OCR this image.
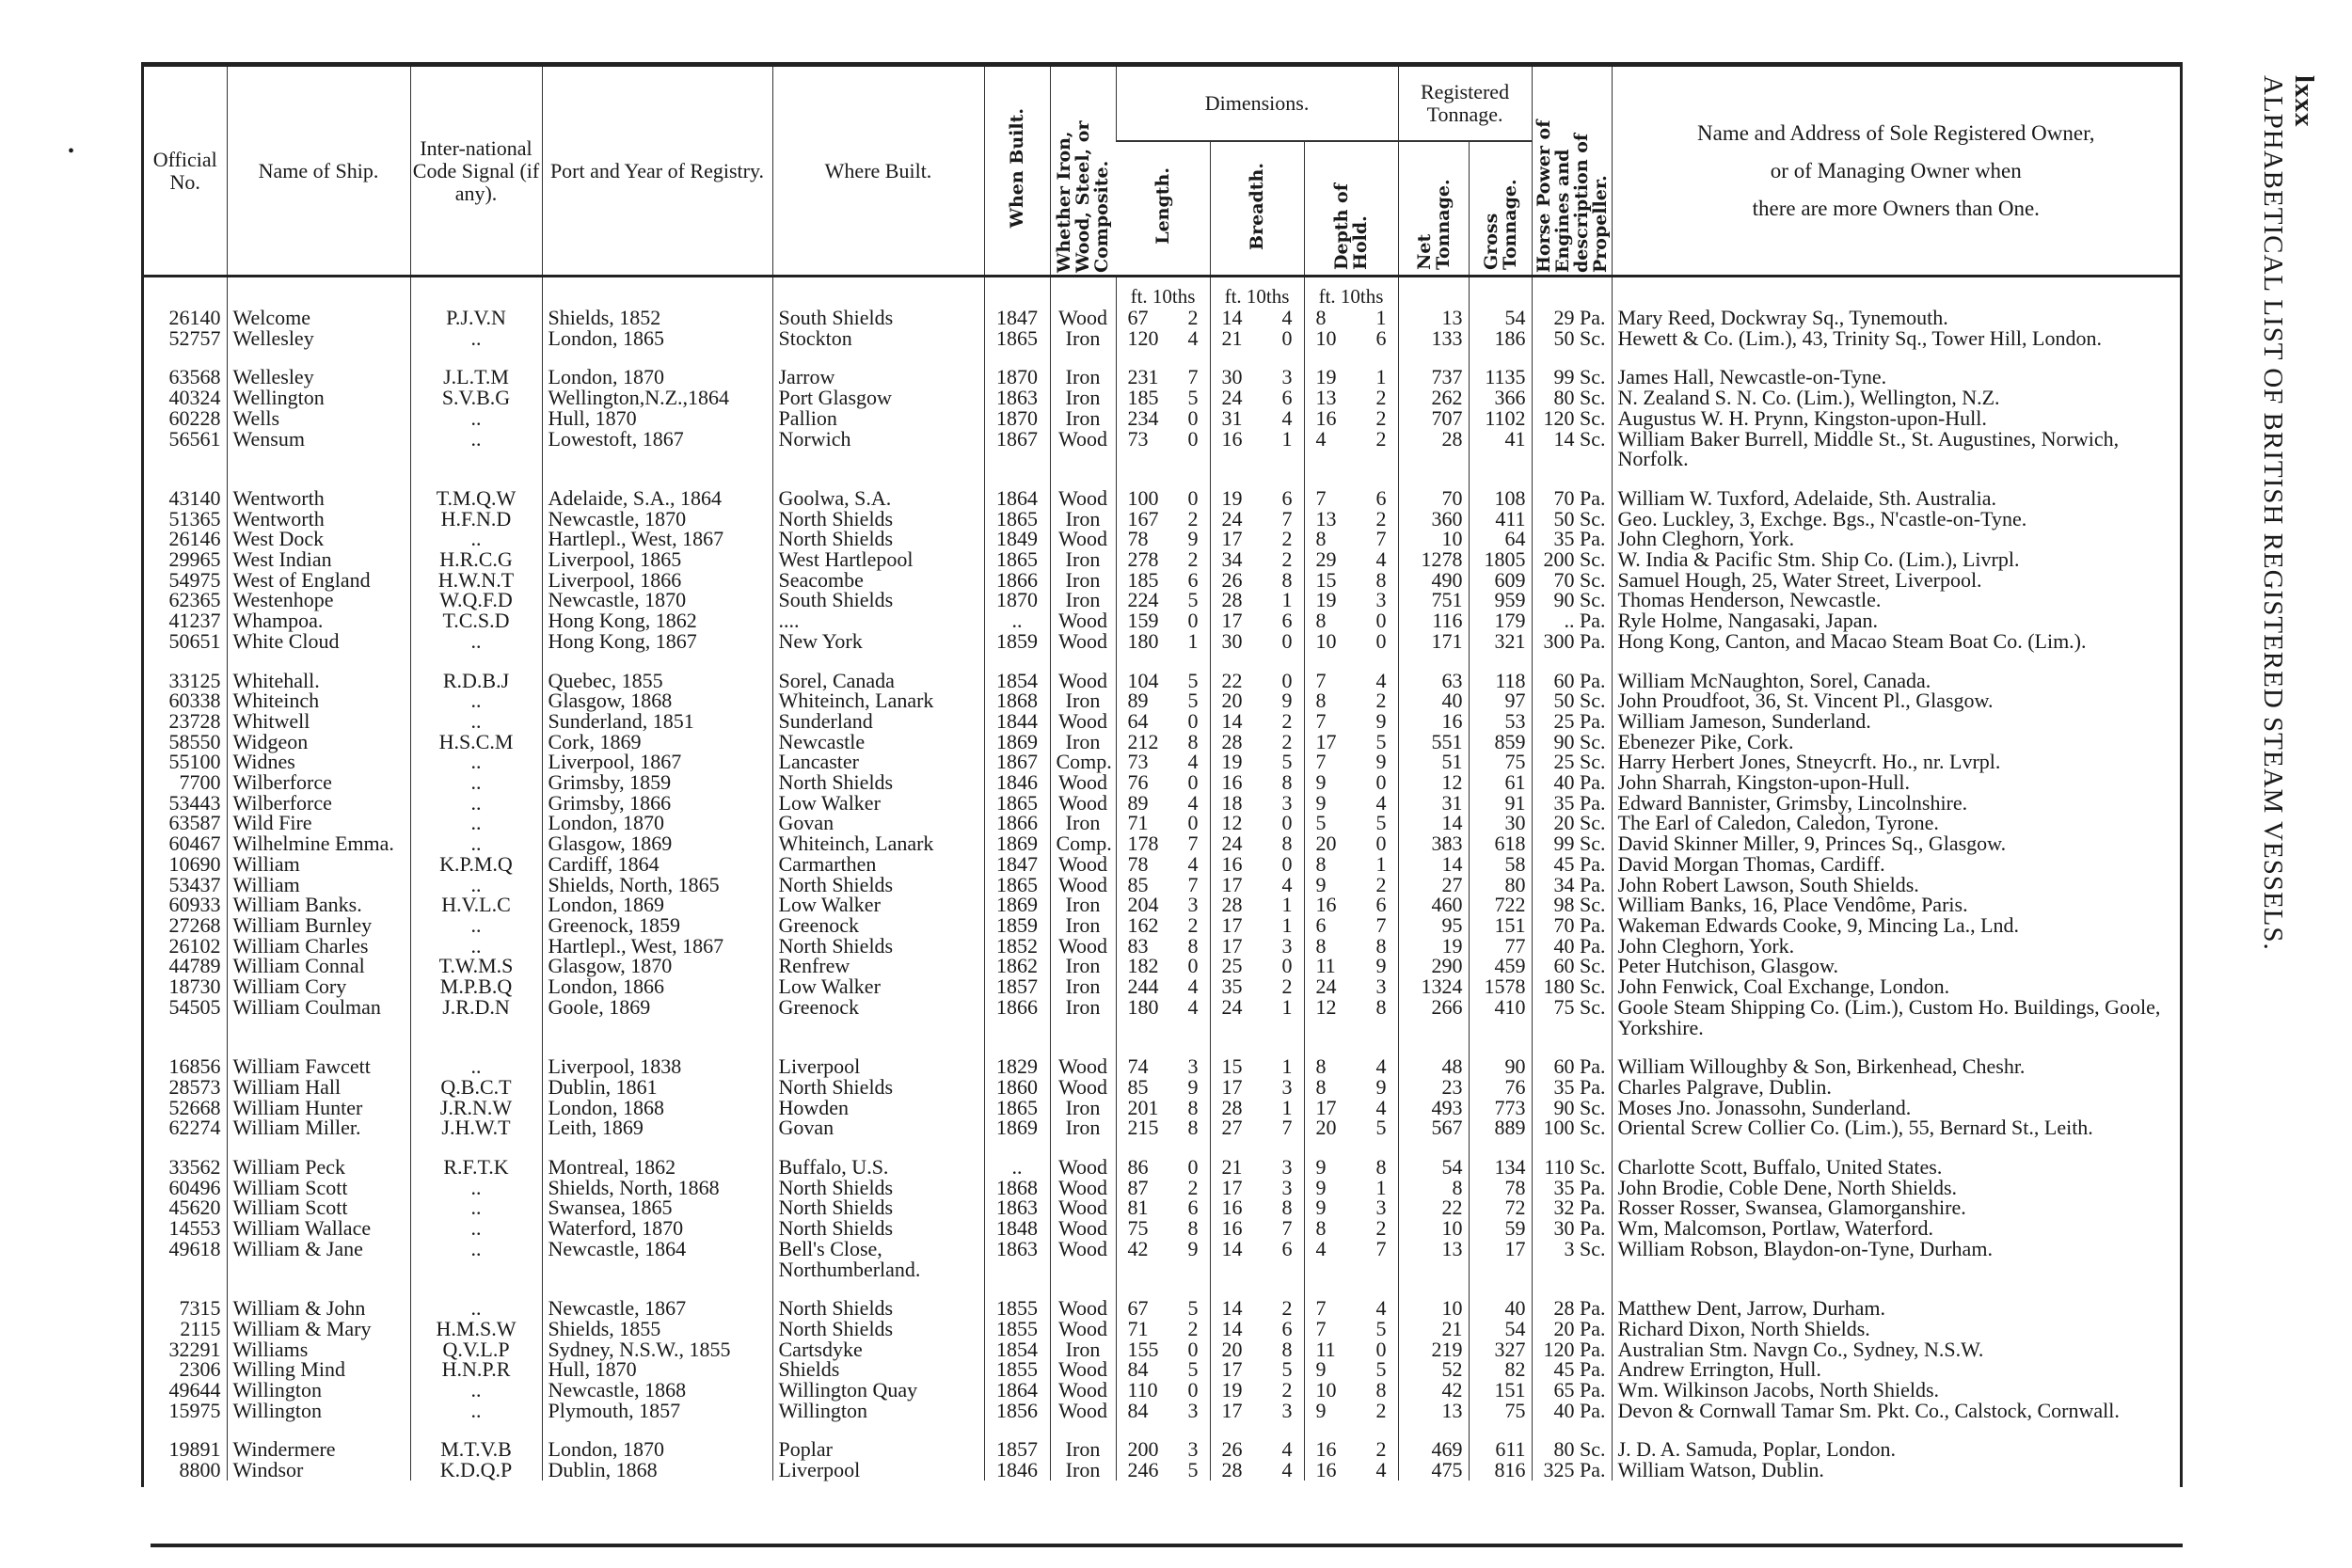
•
lxxx
ALPHABETICAL LIST OF BRITISH REGISTERED STEAM VESSELS.
Official No.	Name of Ship.	Inter-national Code Signal (if any).	Port and Year of Registry.	Where Built.	When Built.	Whether Iron, Wood, Steel, or Composite.	Dimensions.			Registered Tonnage.		Horse Power of Engines and description of Propeller.	Name and Address of Sole Registered Owner,
or of Managing Owner when
there are more Owners than One.

							Length.	Breadth.	Depth of Hold.	Net Tonnage.	Gross Tonnage.		
							ft. 10ths	ft. 10ths	ft. 10ths				
26140	Welcome	P.J.V.N	Shields, 1852	South Shields	1847	Wood	67 2	14 4	8 1	13	54	29 Pa.	Mary Reed, Dockwray Sq., Tynemouth.
52757	Wellesley	..	London, 1865	Stockton	1865	Iron	120 4	21 0	10 6	133	186	50 Sc.	Hewett & Co. (Lim.), 43, Trinity Sq., Tower Hill, London.

63568	Wellesley	J.L.T.M	London, 1870	Jarrow	1870	Iron	231 7	30 3	19 1	737	1135	99 Sc.	James Hall, Newcastle-on-Tyne.
40324	Wellington	S.V.B.G	Wellington,N.Z.,1864	Port Glasgow	1863	Iron	185 5	24 6	13 2	262	366	80 Sc.	N. Zealand S. N. Co. (Lim.), Wellington, N.Z.
60228	Wells	..	Hull, 1870	Pallion	1870	Iron	234 0	31 4	16 2	707	1102	120 Sc.	Augustus W. H. Prynn, Kingston-upon-Hull.
56561	Wensum	..	Lowestoft, 1867	Norwich	1867	Wood	73 0	16 1	4 2	28	41	14 Sc.	William Baker Burrell, Middle St., St. Augustines, Norwich, Norfolk.

43140	Wentworth	T.M.Q.W	Adelaide, S.A., 1864	Goolwa, S.A.	1864	Wood	100 0	19 6	7 6	70	108	70 Pa.	William W. Tuxford, Adelaide, Sth. Australia.
51365	Wentworth	H.F.N.D	Newcastle, 1870	North Shields	1865	Iron	167 2	24 7	13 2	360	411	50 Sc.	Geo. Luckley, 3, Exchge. Bgs., N'castle-on-Tyne.
26146	West Dock	..	Hartlepl., West, 1867	North Shields	1849	Wood	78 9	17 2	8 7	10	64	35 Pa.	John Cleghorn, York.
29965	West Indian	H.R.C.G	Liverpool, 1865	West Hartlepool	1865	Iron	278 2	34 2	29 4	1278	1805	200 Sc.	W. India & Pacific Stm. Ship Co. (Lim.), Livrpl.
54975	West of England	H.W.N.T	Liverpool, 1866	Seacombe	1866	Iron	185 6	26 8	15 8	490	609	70 Sc.	Samuel Hough, 25, Water Street, Liverpool.
62365	Westenhope	W.Q.F.D	Newcastle, 1870	South Shields	1870	Iron	224 5	28 1	19 3	751	959	90 Sc.	Thomas Henderson, Newcastle.
41237	Whampoa.	T.C.S.D	Hong Kong, 1862	....	..	Wood	159 0	17 6	8 0	116	179	.. Pa.	Ryle Holme, Nangasaki, Japan.
50651	White Cloud	..	Hong Kong, 1867	New York	1859	Wood	180 1	30 0	10 0	171	321	300 Pa.	Hong Kong, Canton, and Macao Steam Boat Co. (Lim.).

33125	Whitehall.	R.D.B.J	Quebec, 1855	Sorel, Canada	1854	Wood	104 5	22 0	7 4	63	118	60 Pa.	William McNaughton, Sorel, Canada.
60338	Whiteinch	..	Glasgow, 1868	Whiteinch, Lanark	1868	Iron	89 5	20 9	8 2	40	97	50 Sc.	John Proudfoot, 36, St. Vincent Pl., Glasgow.
23728	Whitwell	..	Sunderland, 1851	Sunderland	1844	Wood	64 0	14 2	7 9	16	53	25 Pa.	William Jameson, Sunderland.
58550	Widgeon	H.S.C.M	Cork, 1869	Newcastle	1869	Iron	212 8	28 2	17 5	551	859	90 Sc.	Ebenezer Pike, Cork.
55100	Widnes	..	Liverpool, 1867	Lancaster	1867	Comp.	73 4	19 5	7 9	51	75	25 Sc.	Harry Herbert Jones, Stneycrft. Ho., nr. Lvrpl.
7700	Wilberforce	..	Grimsby, 1859	North Shields	1846	Wood	76 0	16 8	9 0	12	61	40 Pa.	John Sharrah, Kingston-upon-Hull.
53443	Wilberforce	..	Grimsby, 1866	Low Walker	1865	Wood	89 4	18 3	9 4	31	91	35 Pa.	Edward Bannister, Grimsby, Lincolnshire.
63587	Wild Fire	..	London, 1870	Govan	1866	Iron	71 0	12 0	5 5	14	30	20 Sc.	The Earl of Caledon, Caledon, Tyrone.
60467	Wilhelmine Emma.	..	Glasgow, 1869	Whiteinch, Lanark	1869	Comp.	178 7	24 8	20 0	383	618	99 Sc.	David Skinner Miller, 9, Princes Sq., Glasgow.
10690	William	K.P.M.Q	Cardiff, 1864	Carmarthen	1847	Wood	78 4	16 0	8 1	14	58	45 Pa.	David Morgan Thomas, Cardiff.
53437	William	..	Shields, North, 1865	North Shields	1865	Wood	85 7	17 4	9 2	27	80	34 Pa.	John Robert Lawson, South Shields.
60933	William Banks.	H.V.L.C	London, 1869	Low Walker	1869	Iron	204 3	28 1	16 6	460	722	98 Sc.	William Banks, 16, Place Vendôme, Paris.
27268	William Burnley	..	Greenock, 1859	Greenock	1859	Iron	162 2	17 1	6 7	95	151	70 Pa.	Wakeman Edwards Cooke, 9, Mincing La., Lnd.
26102	William Charles	..	Hartlepl., West, 1867	North Shields	1852	Wood	83 8	17 3	8 8	19	77	40 Pa.	John Cleghorn, York.
44789	William Connal	T.W.M.S	Glasgow, 1870	Renfrew	1862	Iron	182 0	25 0	11 9	290	459	60 Sc.	Peter Hutchison, Glasgow.
18730	William Cory	M.P.B.Q	London, 1866	Low Walker	1857	Iron	244 4	35 2	24 3	1324	1578	180 Sc.	John Fenwick, Coal Exchange, London.
54505	William Coulman	J.R.D.N	Goole, 1869	Greenock	1866	Iron	180 4	24 1	12 8	266	410	75 Sc.	Goole Steam Shipping Co. (Lim.), Custom Ho. Buildings, Goole, Yorkshire.

16856	William Fawcett	..	Liverpool, 1838	Liverpool	1829	Wood	74 3	15 1	8 4	48	90	60 Pa.	William Willoughby & Son, Birkenhead, Cheshr.
28573	William Hall	Q.B.C.T	Dublin, 1861	North Shields	1860	Wood	85 9	17 3	8 9	23	76	35 Pa.	Charles Palgrave, Dublin.
52668	William Hunter	J.R.N.W	London, 1868	Howden	1865	Iron	201 8	28 1	17 4	493	773	90 Sc.	Moses Jno. Jonassohn, Sunderland.
62274	William Miller.	J.H.W.T	Leith, 1869	Govan	1869	Iron	215 8	27 7	20 5	567	889	100 Sc.	Oriental Screw Collier Co. (Lim.), 55, Bernard St., Leith.

33562	William Peck	R.F.T.K	Montreal, 1862	Buffalo, U.S.	..	Wood	86 0	21 3	9 8	54	134	110 Sc.	Charlotte Scott, Buffalo, United States.
60496	William Scott	..	Shields, North, 1868	North Shields	1868	Wood	87 2	17 3	9 1	8	78	35 Pa.	John Brodie, Coble Dene, North Shields.
45620	William Scott	..	Swansea, 1865	North Shields	1863	Wood	81 6	16 8	9 3	22	72	32 Pa.	Rosser Rosser, Swansea, Glamorganshire.
14553	William Wallace	..	Waterford, 1870	North Shields	1848	Wood	75 8	16 7	8 2	10	59	30 Pa.	Wm, Malcomson, Portlaw, Waterford.
49618	William & Jane	..	Newcastle, 1864	Bell's Close, Northumberland.	1863	Wood	42 9	14 6	4 7	13	17	3 Sc.	William Robson, Blaydon-on-Tyne, Durham.

7315	William & John	..	Newcastle, 1867	North Shields	1855	Wood	67 5	14 2	7 4	10	40	28 Pa.	Matthew Dent, Jarrow, Durham.
2115	William & Mary	H.M.S.W	Shields, 1855	North Shields	1855	Wood	71 2	14 6	7 5	21	54	20 Pa.	Richard Dixon, North Shields.
32291	Williams	Q.V.L.P	Sydney, N.S.W., 1855	Cartsdyke	1854	Iron	155 0	20 8	11 0	219	327	120 Pa.	Australian Stm. Navgn Co., Sydney, N.S.W.
2306	Willing Mind	H.N.P.R	Hull, 1870	Shields	1855	Wood	84 5	17 5	9 5	52	82	45 Pa.	Andrew Errington, Hull.
49644	Willington	..	Newcastle, 1868	Willington Quay	1864	Wood	110 0	19 2	10 8	42	151	65 Pa.	Wm. Wilkinson Jacobs, North Shields.
15975	Willington	..	Plymouth, 1857	Willington	1856	Wood	84 3	17 3	9 2	13	75	40 Pa.	Devon & Cornwall Tamar Sm. Pkt. Co., Calstock, Cornwall.

19891	Windermere	M.T.V.B	London, 1870	Poplar	1857	Iron	200 3	26 4	16 2	469	611	80 Sc.	J. D. A. Samuda, Poplar, London.
8800	Windsor	K.D.Q.P	Dublin, 1868	Liverpool	1846	Iron	246 5	28 4	16 4	475	816	325 Pa.	William Watson, Dublin.
